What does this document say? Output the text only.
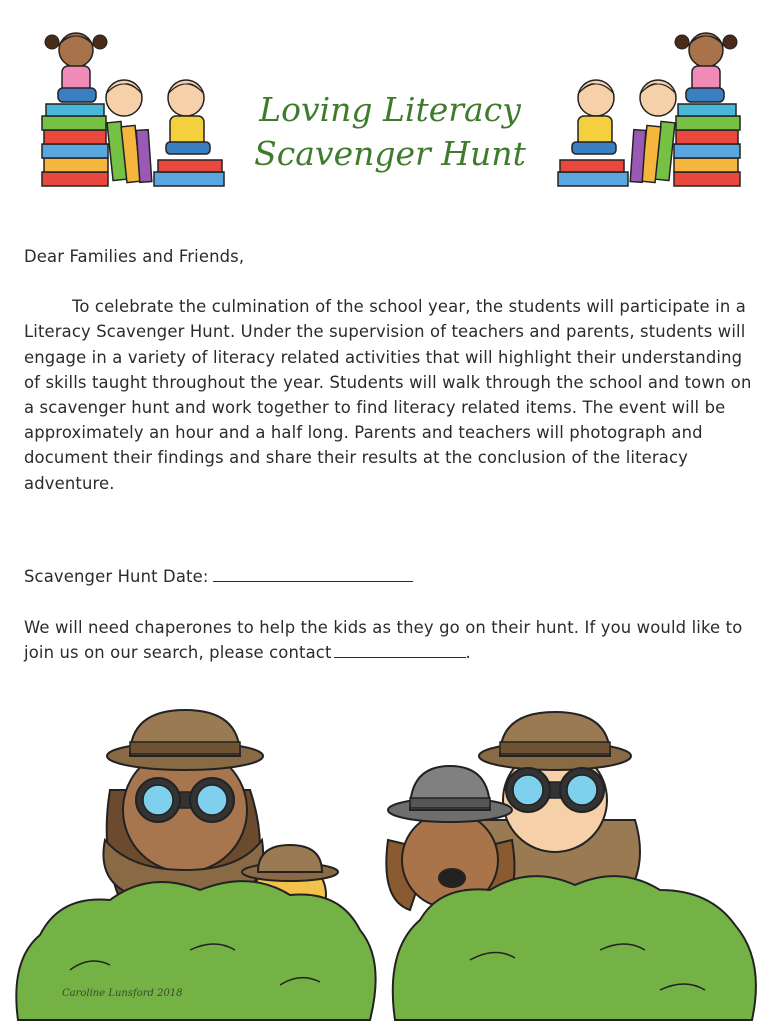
Loving Literacy
Scavenger Hunt

Dear Families and Friends,

To celebrate the culmination of the school year, the students will participate in a Literacy Scavenger Hunt. Under the supervision of teachers and parents, students will engage in a variety of literacy related activities that will highlight their understanding of skills taught throughout the year. Students will walk through the school and town on a scavenger hunt and work together to find literacy related items. The event will be approximately an hour and a half long. Parents and teachers will photograph and document their findings and share their results at the conclusion of the literacy adventure.

Scavenger Hunt Date:
We will need chaperones to help the kids as they go on their hunt. If you would like to join us on our search, please contact	.
Caroline Lunsford 2018
